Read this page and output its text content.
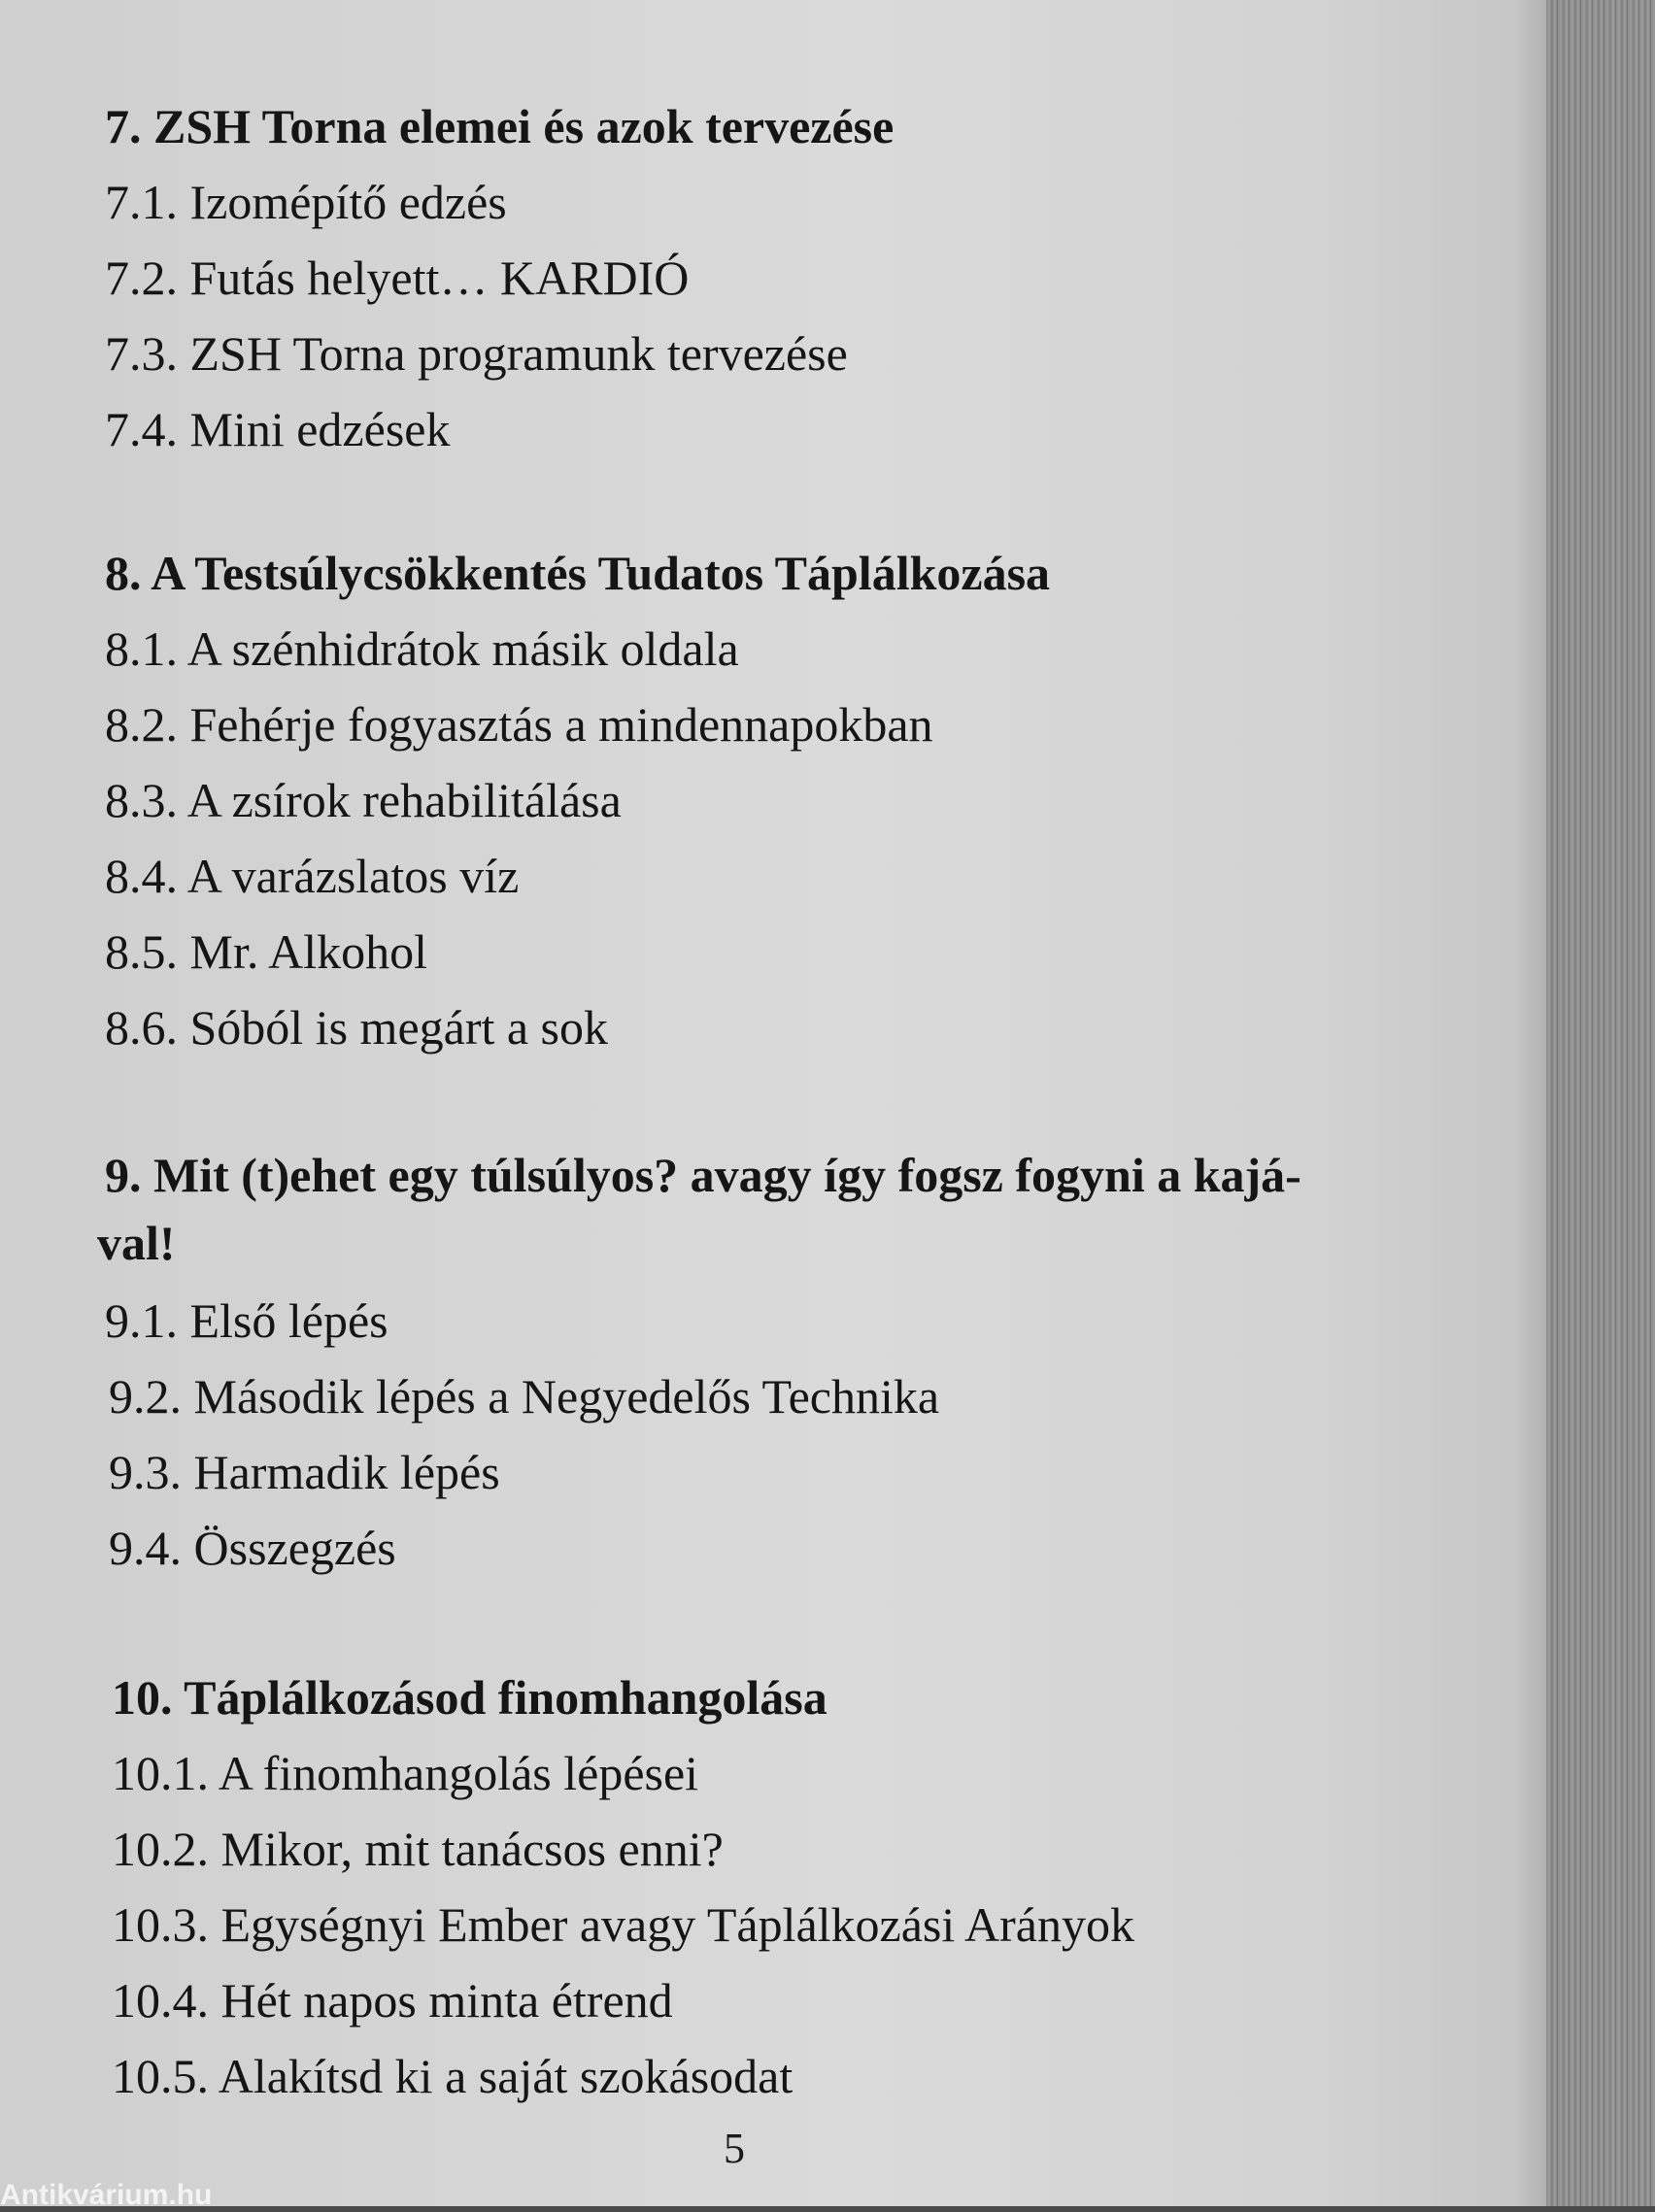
7. ZSH Torna elemei és azok tervezése
7.1. Izomépítő edzés
7.2. Futás helyett… KARDIÓ
7.3. ZSH Torna programunk tervezése
7.4. Mini edzések
8. A Testsúlycsökkentés Tudatos Táplálkozása
8.1. A szénhidrátok másik oldala
8.2. Fehérje fogyasztás a mindennapokban
8.3. A zsírok rehabilitálása
8.4. A varázslatos víz
8.5. Mr. Alkohol
8.6. Sóból is megárt a sok
9. Mit (t)ehet egy túlsúlyos? avagy így fogsz fogyni a kajá-
val!
9.1. Első lépés
9.2. Második lépés a Negyedelős Technika
9.3. Harmadik lépés
9.4. Összegzés
10. Táplálkozásod finomhangolása
10.1. A finomhangolás lépései
10.2. Mikor, mit tanácsos enni?
10.3. Egységnyi Ember avagy Táplálkozási Arányok
10.4. Hét napos minta étrend
10.5. Alakítsd ki a saját szokásodat
5
Antikvárium.hu
